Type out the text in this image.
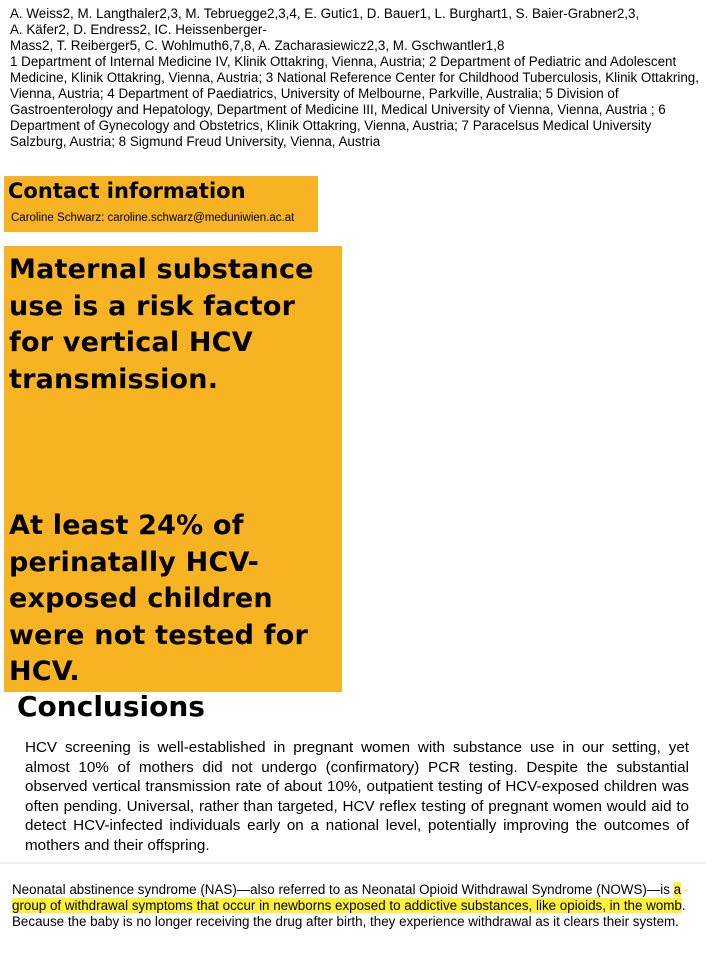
A. Weiss2, M. Langthaler2,3, M. Tebruegge2,3,4, E. Gutic1, D. Bauer1, L. Burghart1, S. Baier-Grabner2,3,

A. Käfer2, D. Endress2, IC. Heissenberger-

Mass2, T. Reiberger5, C. Wohlmuth6,7,8, A. Zacharasiewicz2,3, M. Gschwantler1,8

1 Department of Internal Medicine IV, Klinik Ottakring, Vienna, Austria; 2 Department of Pediatric and Adolescent Medicine, Klinik Ottakring, Vienna, Austria; 3 National Reference Center for Childhood Tuberculosis, Klinik Ottakring, Vienna, Austria; 4 Department of Paediatrics, University of Melbourne, Parkville, Australia; 5 Division of Gastroenterology and Hepatology, Department of Medicine III, Medical University of Vienna, Vienna, Austria ; 6 Department of Gynecology and Obstetrics, Klinik Ottakring, Vienna, Austria; 7 Paracelsus Medical University Salzburg, Austria; 8 Sigmund Freud University, Vienna, Austria

Contact information

Caroline Schwarz: caroline.schwarz@meduniwien.ac.at

Maternal substance use is a risk factor for vertical HCV transmission.

At least 24% of perinatally HCV-exposed children were not tested for HCV.

Conclusions

HCV screening is well-established in pregnant women with substance use in our setting, yet almost 10% of mothers did not undergo (confirmatory) PCR testing. Despite the substantial observed vertical transmission rate of about 10%, outpatient testing of HCV-exposed children was often pending. Universal, rather than targeted, HCV reflex testing of pregnant women would aid to detect HCV-infected individuals early on a national level, potentially improving the outcomes of mothers and their offspring.

Neonatal abstinence syndrome (NAS)—also referred to as Neonatal Opioid Withdrawal Syndrome (NOWS)—is a group of withdrawal symptoms that occur in newborns exposed to addictive substances, like opioids, in the womb. Because the baby is no longer receiving the drug after birth, they experience withdrawal as it clears their system.
